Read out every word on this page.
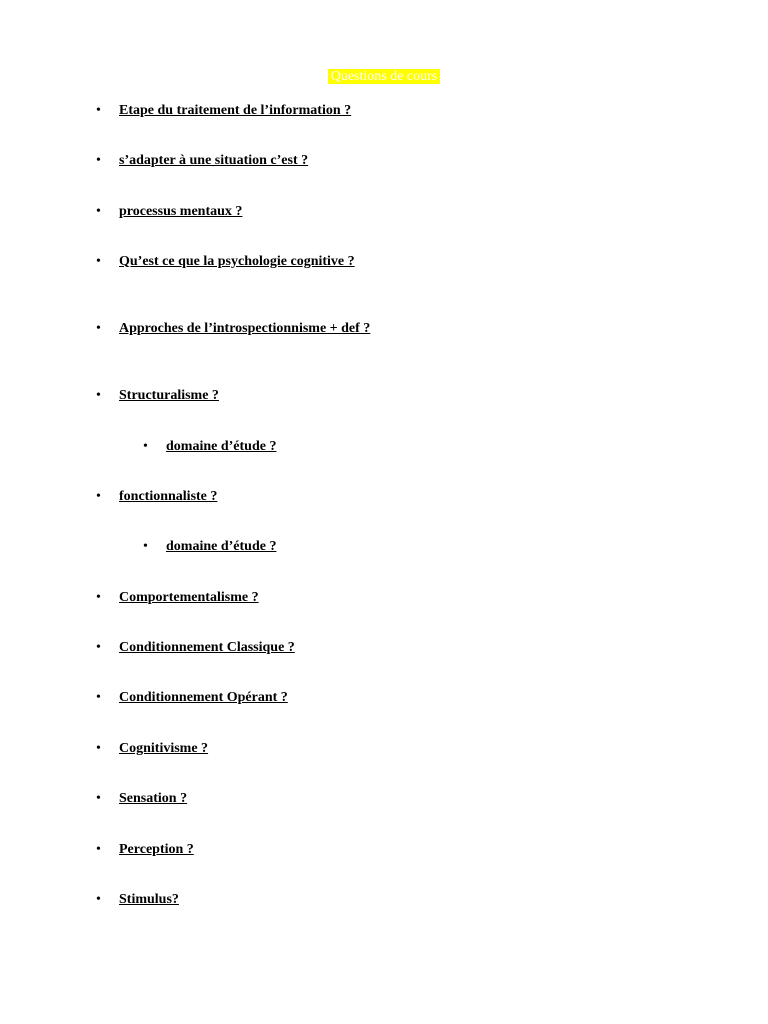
Questions de cours
• Etape du traitement de l’information ?
• s’adapter à une situation c’est ?
• processus mentaux ?
• Qu’est ce que la psychologie cognitive ?
• Approches de l’introspectionnisme + def ?
• Structuralisme ?
• domaine d’étude ?
• fonctionnaliste ?
• domaine d’étude ?
• Comportementalisme ?
• Conditionnement Classique ?
• Conditionnement Opérant ?
• Cognitivisme ?
• Sensation ?
• Perception ?
• Stimulus?
